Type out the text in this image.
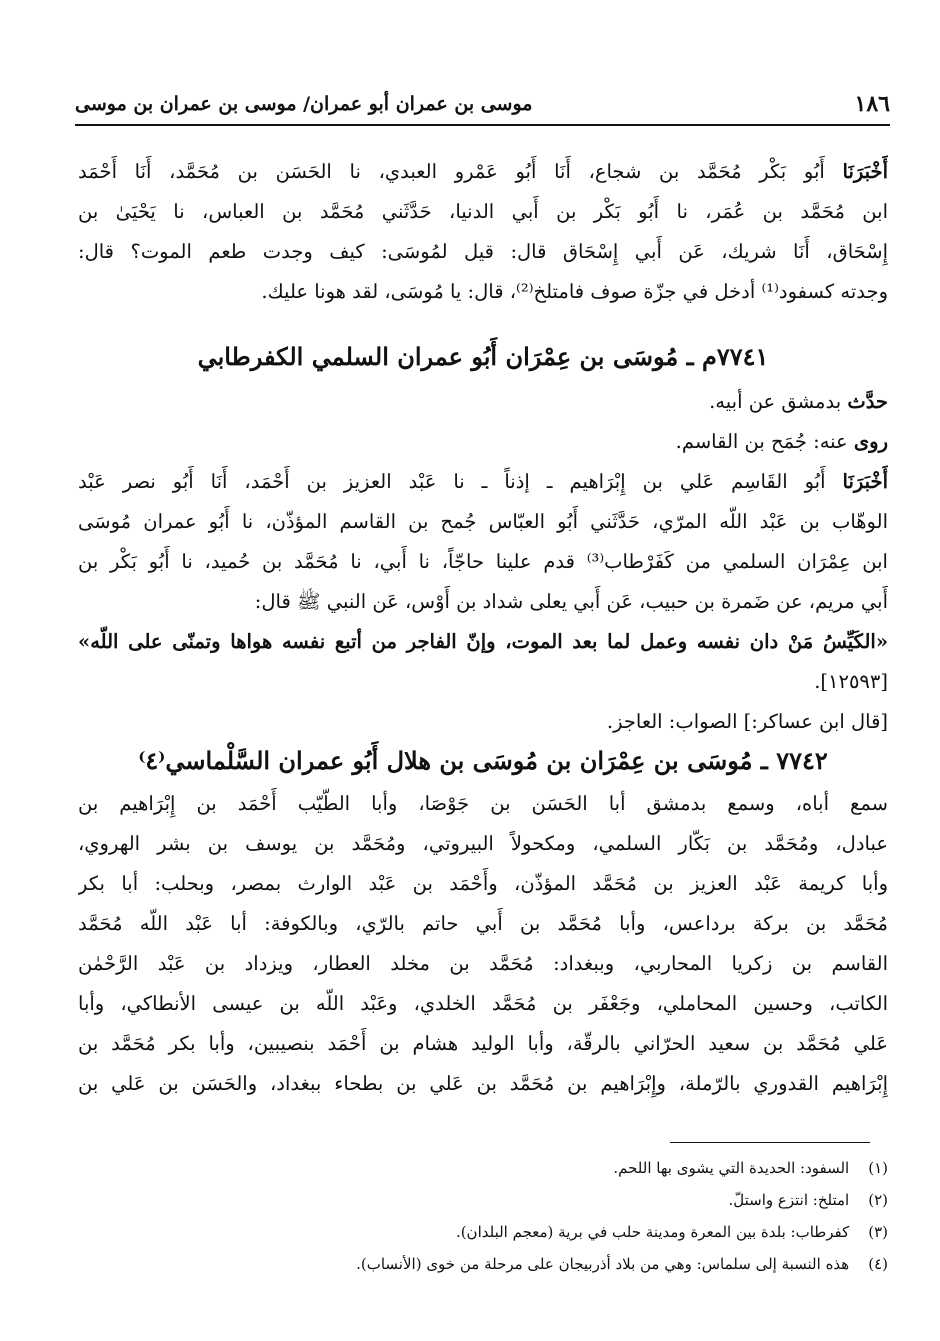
١٨٦
موسى بن عمران أبو عمران/ موسى بن عمران بن موسى
أَخْبَرَنَا أَبُو بَكْر مُحَمَّد بن شجاع، أَنَا أَبُو عَمْرو العبدي، نا الحَسَن بن مُحَمَّد، أَنَا أَحْمَد
ابن مُحَمَّد بن عُمَر، نا أَبُو بَكْر بن أَبي الدنيا، حَدَّثَني مُحَمَّد بن العباس، نا يَحْيَىٰ بن
إِسْحَاق، أَنَا شريك، عَن أَبي إِسْحَاق قال: قيل لمُوسَى: كيف وجدت طعم الموت؟ قال:
وجدته كسفود⁽¹⁾ أدخل في جزّة صوف فامتلخ⁽²⁾، قال: يا مُوسَى، لقد هونا عليك.
٧٧٤١م ـ مُوسَى بن عِمْرَان أَبُو عمران السلمي الكفرطابي
حدَّث بدمشق عن أبيه.
روى عنه: جُمَح بن القاسم.
أَخْبَرَنَا أَبُو القَاسِم عَلي بن إِبْرَاهيم ـ إذناً ـ نا عَبْد العزيز بن أَحْمَد، أَنَا أَبُو نصر عَبْد
الوهّاب بن عَبْد اللّه المرّي، حَدَّثَني أَبُو العبّاس جُمح بن القاسم المؤذّن، نا أَبُو عمران مُوسَى
ابن عِمْرَان السلمي من كَفَرْطاب⁽³⁾ قدم علينا حاجّاً، نا أَبي، نا مُحَمَّد بن حُميد، نا أَبُو بَكْر بن
أَبي مريم، عن ضَمرة بن حبيب، عَن أَبي يعلى شداد بن أَوْس، عَن النبي ﷺ قال:
«الكَيِّسُ مَنْ دان نفسه وعمل لما بعد الموت، وإنّ الفاجر من أتبع نفسه هواها وتمنّى على اللّه»
[١٢٥٩٣].
[قال ابن عساكر:] الصواب: العاجز.
٧٧٤٢ ـ مُوسَى بن عِمْرَان بن مُوسَى بن هلال أَبُو عمران السَّلْماسي⁽٤⁾
سمع أباه، وسمع بدمشق أبا الحَسَن بن جَوْصَا، وأبا الطّيّب أَحْمَد بن إِبْرَاهيم بن
عبادل، ومُحَمَّد بن بَكّار السلمي، ومكحولاً البيروتي، ومُحَمَّد بن يوسف بن بشر الهروي،
وأبا كريمة عَبْد العزيز بن مُحَمَّد المؤذّن، وأَحْمَد بن عَبْد الوارث بمصر، وبحلب: أبا بكر
مُحَمَّد بن بركة برداعس، وأبا مُحَمَّد بن أَبي حاتم بالرّي، وبالكوفة: أبا عَبْد اللّه مُحَمَّد
القاسم بن زكريا المحاربي، وببغداد: مُحَمَّد بن مخلد العطار، ويزداد بن عَبْد الرَّحْمٰن
الكاتب، وحسين المحاملي، وجَعْفَر بن مُحَمَّد الخلدي، وعَبْد اللّه بن عيسى الأنطاكي، وأبا
عَلي مُحَمَّد بن سعيد الحرّاني بالرقّة، وأبا الوليد هشام بن أَحْمَد بنصيبين، وأبا بكر مُحَمَّد بن
إِبْرَاهيم القدوري بالرّملة، وإِبْرَاهيم بن مُحَمَّد بن عَلي بن بطحاء ببغداد، والحَسَن بن عَلي بن
(١) السفود: الحديدة التي يشوى بها اللحم.
(٢) امتلخ: انتزع واستلّ.
(٣) كفرطاب: بلدة بين المعرة ومدينة حلب في برية (معجم البلدان).
(٤) هذه النسبة إلى سلماس: وهي من بلاد أذربيجان على مرحلة من خوى (الأنساب).
